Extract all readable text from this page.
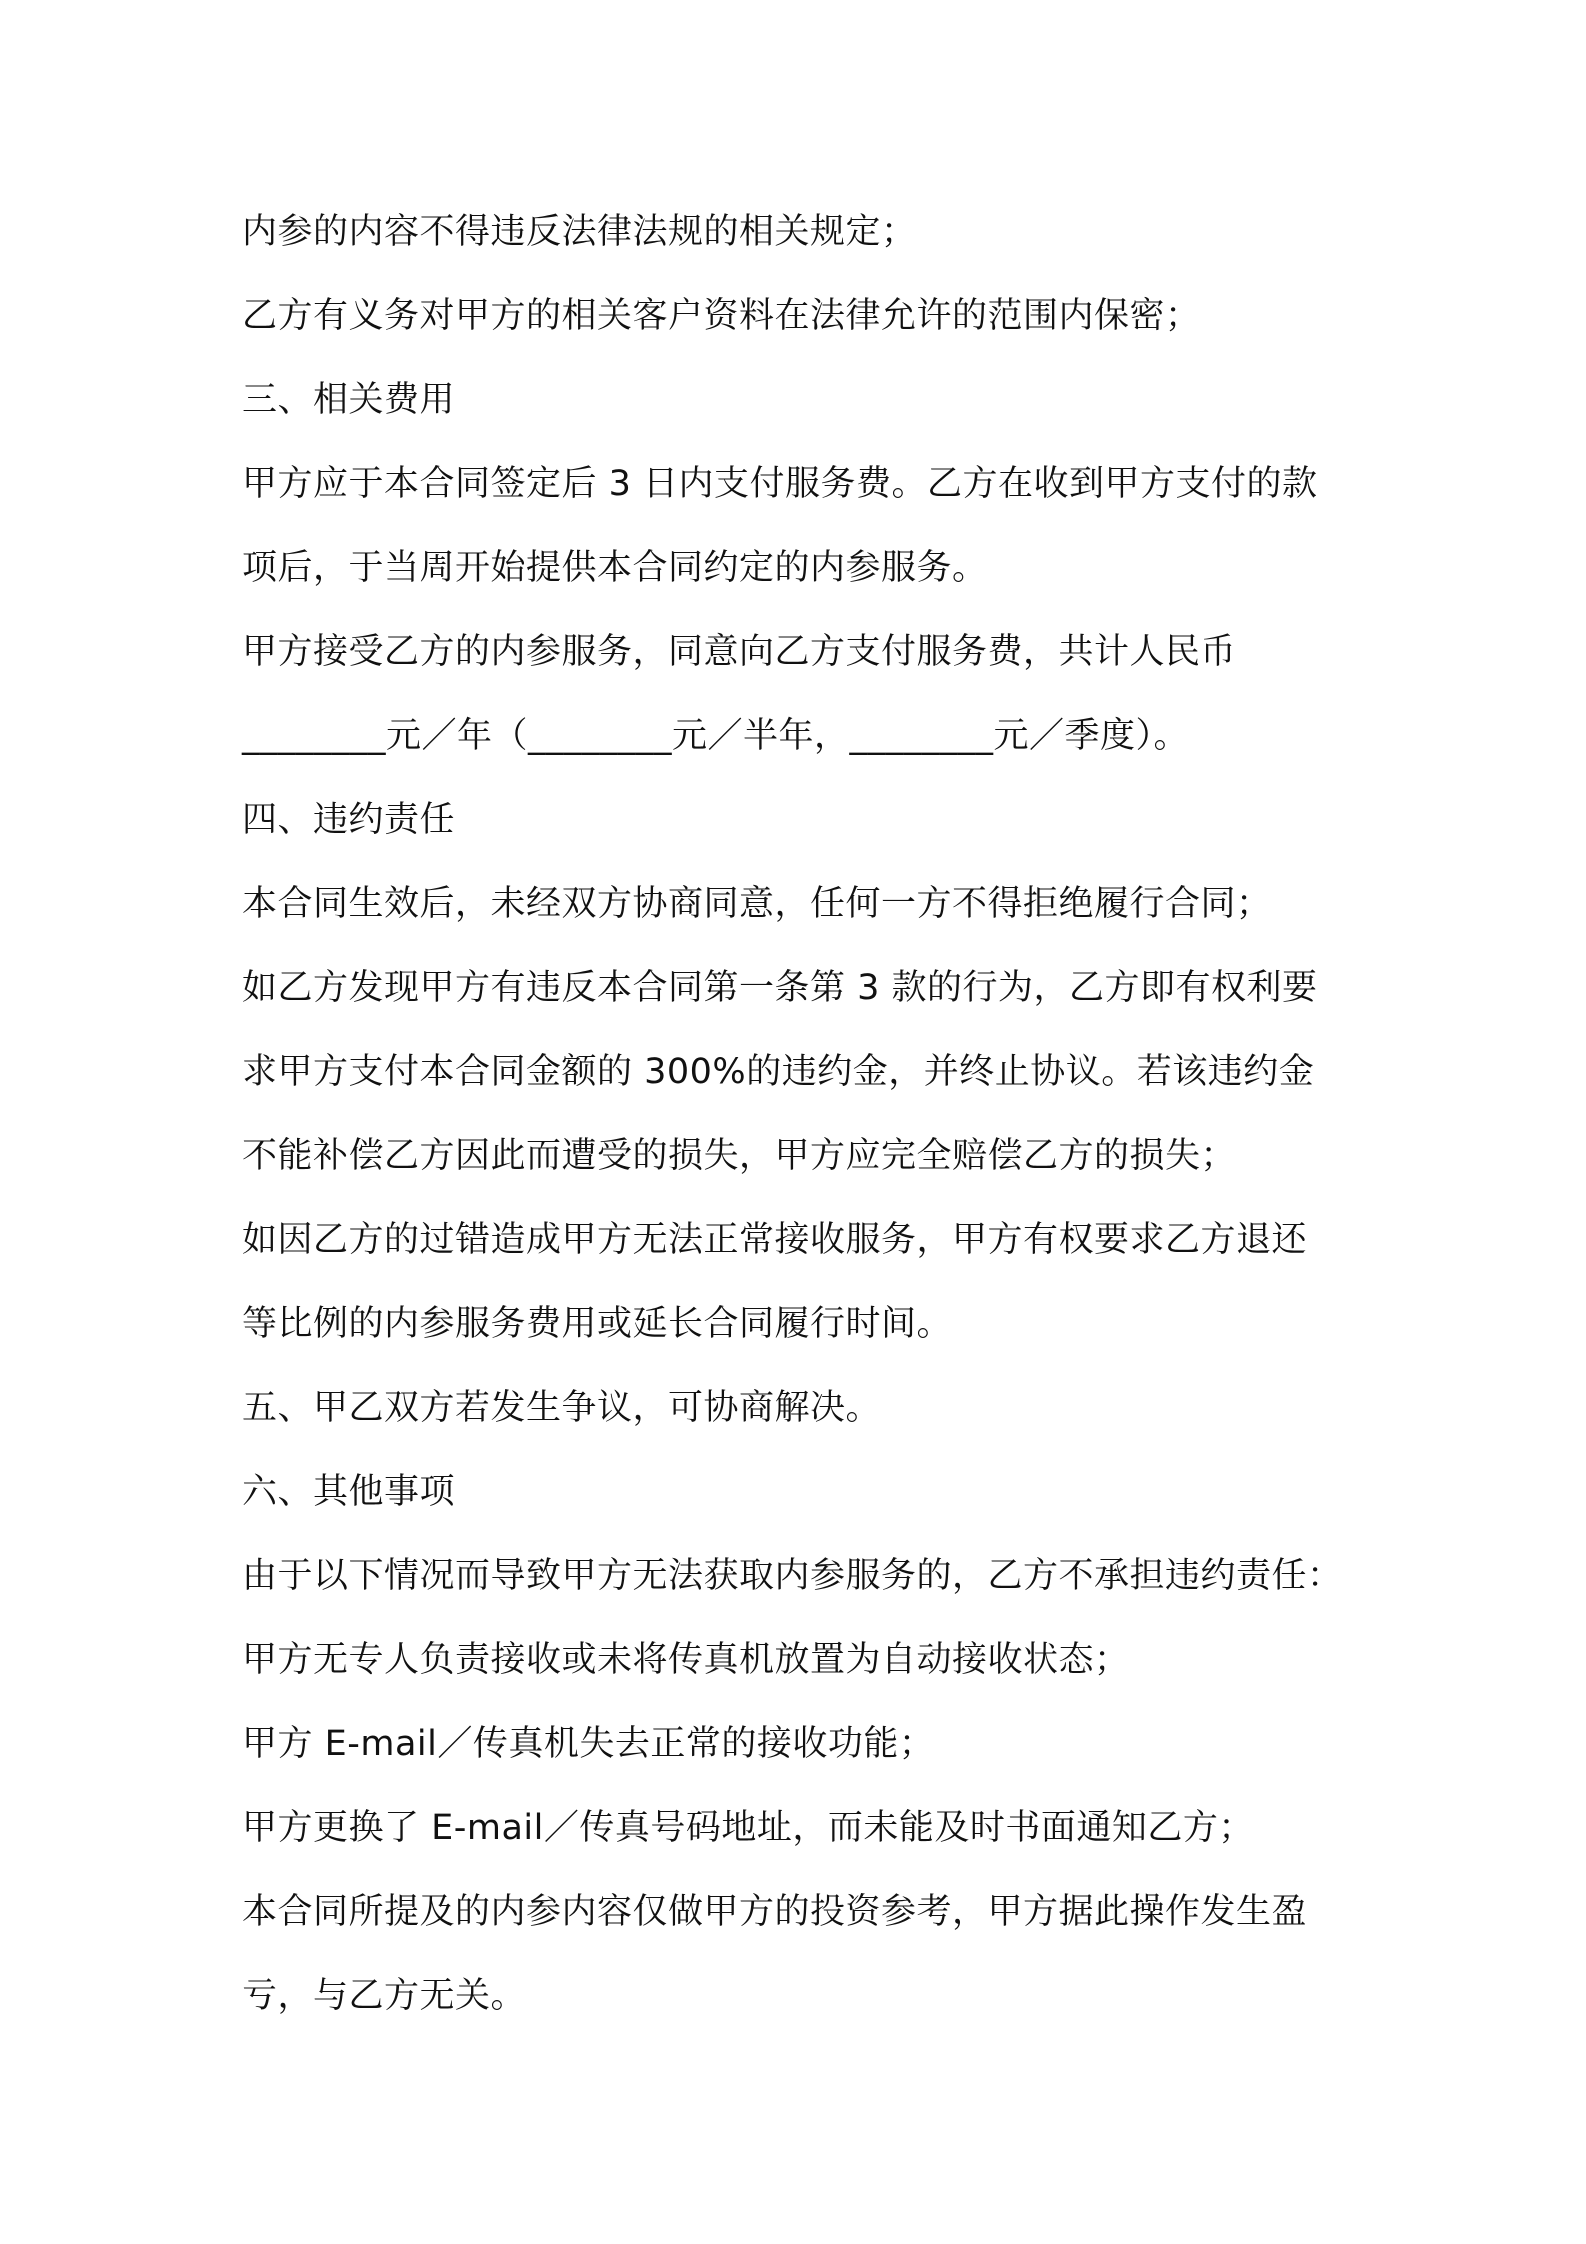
内参的内容不得违反法律法规的相关规定；
乙方有义务对甲方的相关客户资料在法律允许的范围内保密；
三、相关费用
甲方应于本合同签定后 3 日内支付服务费。乙方在收到甲方支付的款
项后，于当周开始提供本合同约定的内参服务。
甲方接受乙方的内参服务，同意向乙方支付服务费，共计人民币
________元／年（________元／半年，________元／季度）。
四、违约责任
本合同生效后，未经双方协商同意，任何一方不得拒绝履行合同；
如乙方发现甲方有违反本合同第一条第 3 款的行为，乙方即有权利要
求甲方支付本合同金额的 300%的违约金，并终止协议。若该违约金
不能补偿乙方因此而遭受的损失，甲方应完全赔偿乙方的损失；
如因乙方的过错造成甲方无法正常接收服务，甲方有权要求乙方退还
等比例的内参服务费用或延长合同履行时间。
五、甲乙双方若发生争议，可协商解决。
六、其他事项
由于以下情况而导致甲方无法获取内参服务的，乙方不承担违约责任：
甲方无专人负责接收或未将传真机放置为自动接收状态；
甲方 E-mail／传真机失去正常的接收功能；
甲方更换了 E-mail／传真号码地址，而未能及时书面通知乙方；
本合同所提及的内参内容仅做甲方的投资参考，甲方据此操作发生盈
亏，与乙方无关。
